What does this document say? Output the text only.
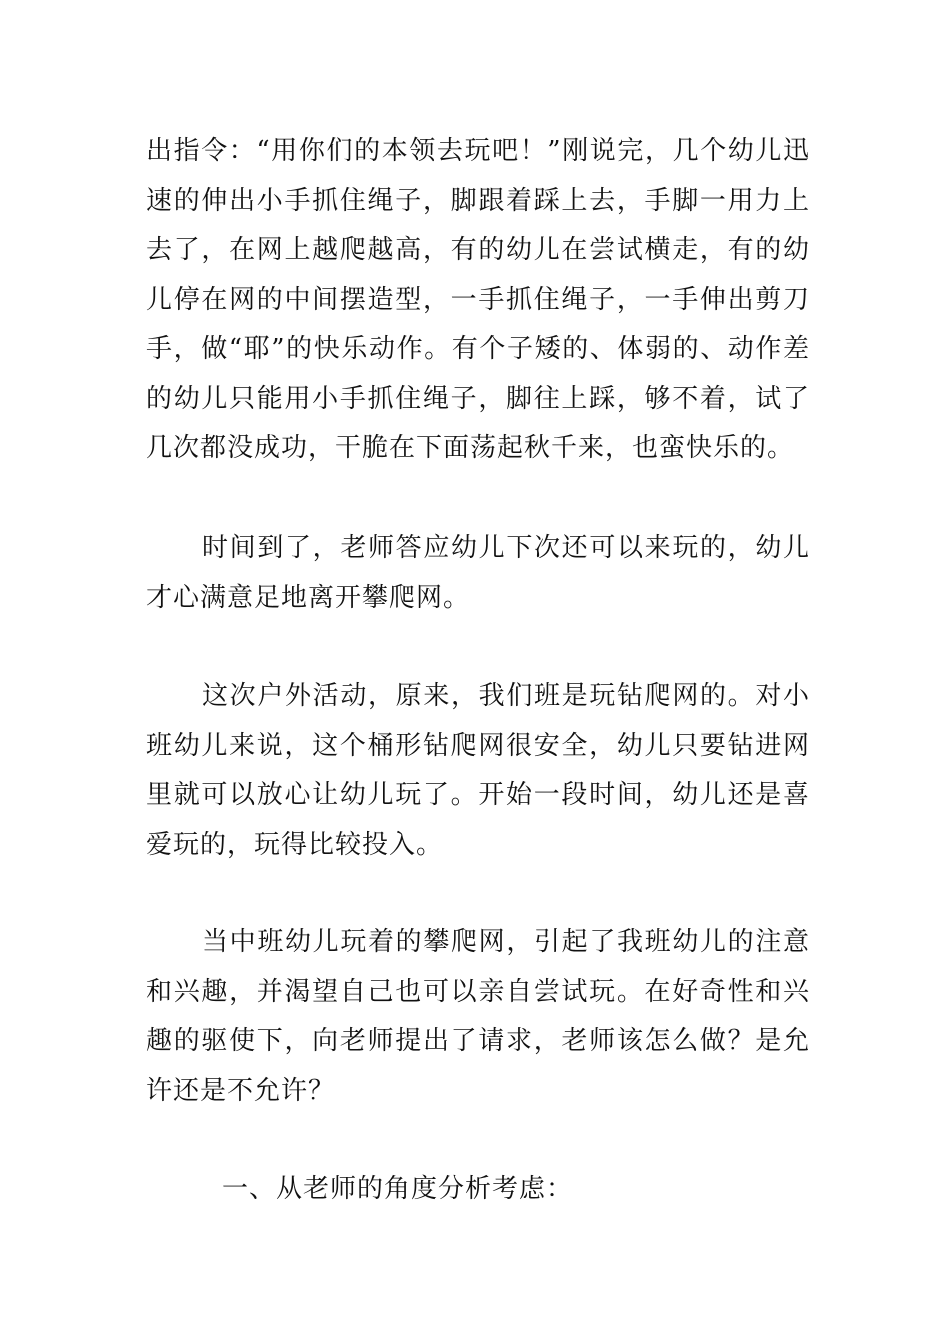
出指令：“用你们的本领去玩吧！”刚说完，几个幼儿迅速的伸出小手抓住绳子，脚跟着踩上去，手脚一用力上去了，在网上越爬越高，有的幼儿在尝试横走，有的幼儿停在网的中间摆造型，一手抓住绳子，一手伸出剪刀手，做“耶”的快乐动作。有个子矮的、体弱的、动作差的幼儿只能用小手抓住绳子，脚往上踩，够不着，试了几次都没成功，干脆在下面荡起秋千来，也蛮快乐的。

时间到了，老师答应幼儿下次还可以来玩的，幼儿才心满意足地离开攀爬网。

这次户外活动，原来，我们班是玩钻爬网的。对小班幼儿来说，这个桶形钻爬网很安全，幼儿只要钻进网里就可以放心让幼儿玩了。开始一段时间，幼儿还是喜爱玩的，玩得比较投入。

当中班幼儿玩着的攀爬网，引起了我班幼儿的注意和兴趣，并渴望自己也可以亲自尝试玩。在好奇性和兴趣的驱使下，向老师提出了请求，老师该怎么做？是允许还是不允许？

一、从老师的角度分析考虑：
